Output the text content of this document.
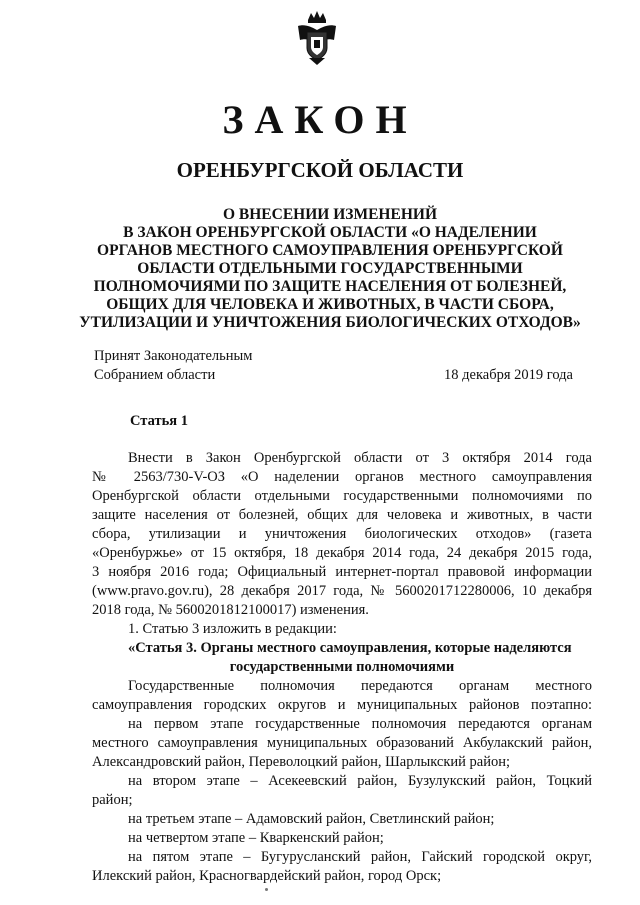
ЗАКОН
ОРЕНБУРГСКОЙ ОБЛАСТИ
О ВНЕСЕНИИ ИЗМЕНЕНИЙ
В ЗАКОН ОРЕНБУРГСКОЙ ОБЛАСТИ «О НАДЕЛЕНИИ
ОРГАНОВ МЕСТНОГО САМОУПРАВЛЕНИЯ ОРЕНБУРГСКОЙ
ОБЛАСТИ ОТДЕЛЬНЫМИ ГОСУДАРСТВЕННЫМИ
ПОЛНОМОЧИЯМИ ПО ЗАЩИТЕ НАСЕЛЕНИЯ ОТ БОЛЕЗНЕЙ,
ОБЩИХ ДЛЯ ЧЕЛОВЕКА И ЖИВОТНЫХ, В ЧАСТИ СБОРА,
УТИЛИЗАЦИИ И УНИЧТОЖЕНИЯ БИОЛОГИЧЕСКИХ ОТХОДОВ»
Принят Законодательным
Собранием области	18 декабря 2019 года
Статья 1
Внести в Закон Оренбургской области от 3 октября 2014 года
№ 2563/730-V-ОЗ «О наделении органов местного самоуправления
Оренбургской области отдельными государственными полномочиями по
защите населения от болезней, общих для человека и животных, в части
сбора, утилизации и уничтожения биологических отходов» (газета
«Оренбуржье» от 15 октября, 18 декабря 2014 года, 24 декабря 2015 года,
3 ноября 2016 года; Официальный интернет-портал правовой информации
(www.pravo.gov.ru), 28 декабря 2017 года, № 5600201712280006, 10 декабря
2018 года, № 5600201812100017) изменения.
1. Статью 3 изложить в редакции:
«Статья 3. Органы местного самоуправления, которые наделяются
государственными полномочиями
Государственные полномочия передаются органам местного
самоуправления городских округов и муниципальных районов поэтапно:
на первом этапе государственные полномочия передаются органам
местного самоуправления муниципальных образований Акбулакский район,
Александровский район, Переволоцкий район, Шарлыкский район;
на втором этапе – Асекеевский район, Бузулукский район, Тоцкий
район;
на третьем этапе – Адамовский район, Светлинский район;
на четвертом этапе – Кваркенский район;
на пятом этапе – Бугурусланский район, Гайский городской округ,
Илекский район, Красногвардейский район, город Орск;
